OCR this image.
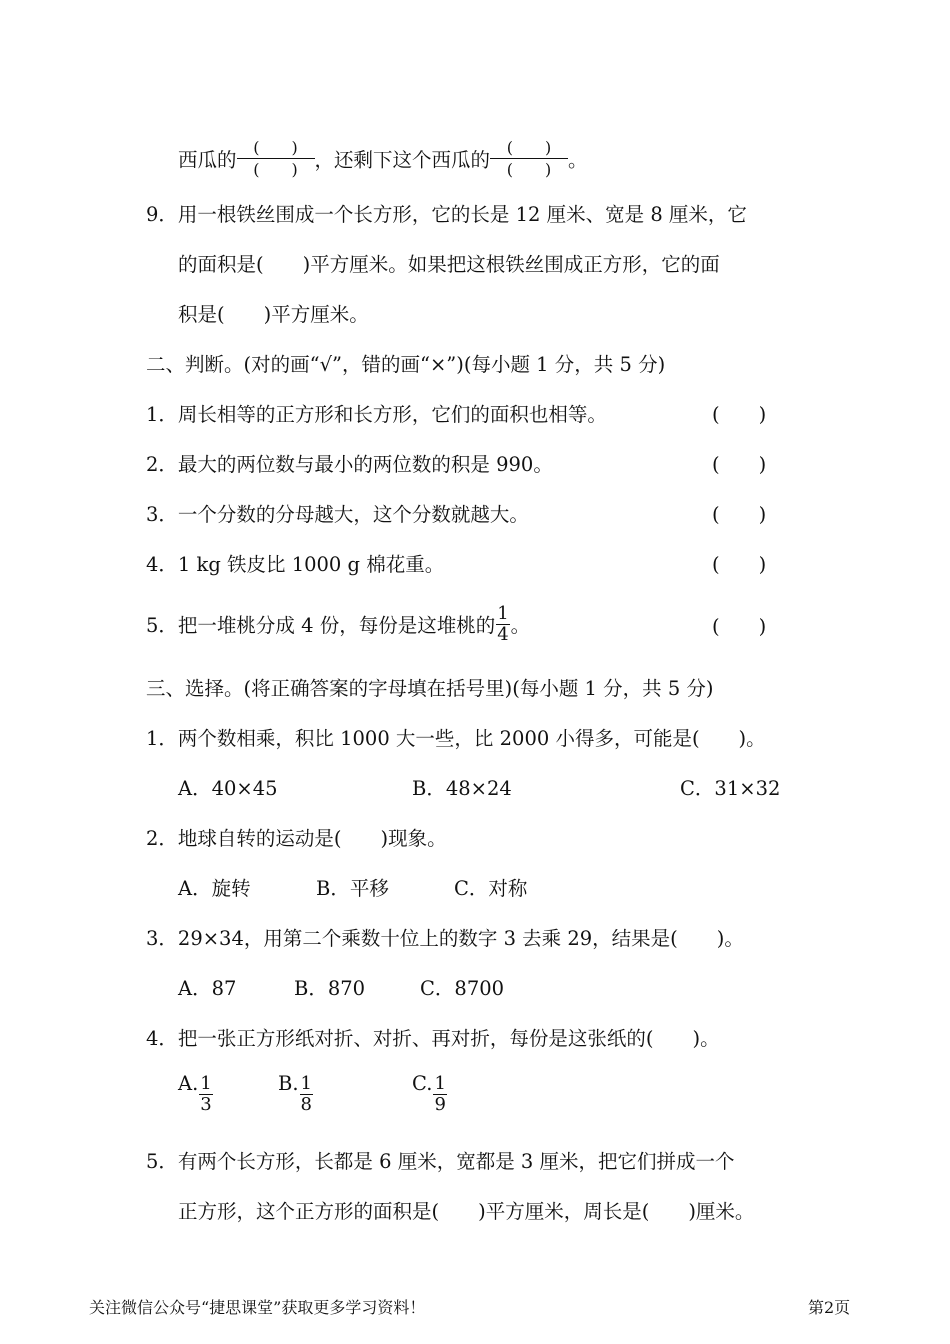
西瓜的 $\frac{( )}{( )}$ ，还剩下这个西瓜的 $\frac{( )}{( )}$ 。
9．用一根铁丝围成一个长方形，它的长是 12 厘米、宽是 8 厘米，它
的面积是(　　)平方厘米。如果把这根铁丝围成正方形，它的面
积是(　　)平方厘米。
二、判断。(对的画“√”，错的画“×”)(每小题 1 分，共 5 分)
1．周长相等的正方形和长方形，它们的面积也相等。	(　　)
2．最大的两位数与最小的两位数的积是 990。	(　　)
3．一个分数的分母越大，这个分数就越大。	(　　)
4．1 kg 铁皮比 1000 g 棉花重。	(　　)
5．把一堆桃分成 4 份，每份是这堆桃的 $\frac{1}{4}$ 。	(　　)
三、选择。(将正确答案的字母填在括号里)(每小题 1 分，共 5 分)
1．两个数相乘，积比 1000 大一些，比 2000 小得多，可能是(　　)。
A．40×45	B．48×24	C．31×32
2．地球自转的运动是(　　)现象。
A．旋转	B．平移	C．对称
3．29×34，用第二个乘数十位上的数字 3 去乘 29，结果是(　　)。
A．87	B．870	C．8700
4．把一张正方形纸对折、对折、再对折，每份是这张纸的(　　)。
A. $\frac{1}{3}$	B. $\frac{1}{8}$	C. $\frac{1}{9}$
5．有两个长方形，长都是 6 厘米，宽都是 3 厘米，把它们拼成一个
正方形，这个正方形的面积是(　　)平方厘米，周长是(　　)厘米。
关注微信公众号“捷思课堂”获取更多学习资料！	第2页
